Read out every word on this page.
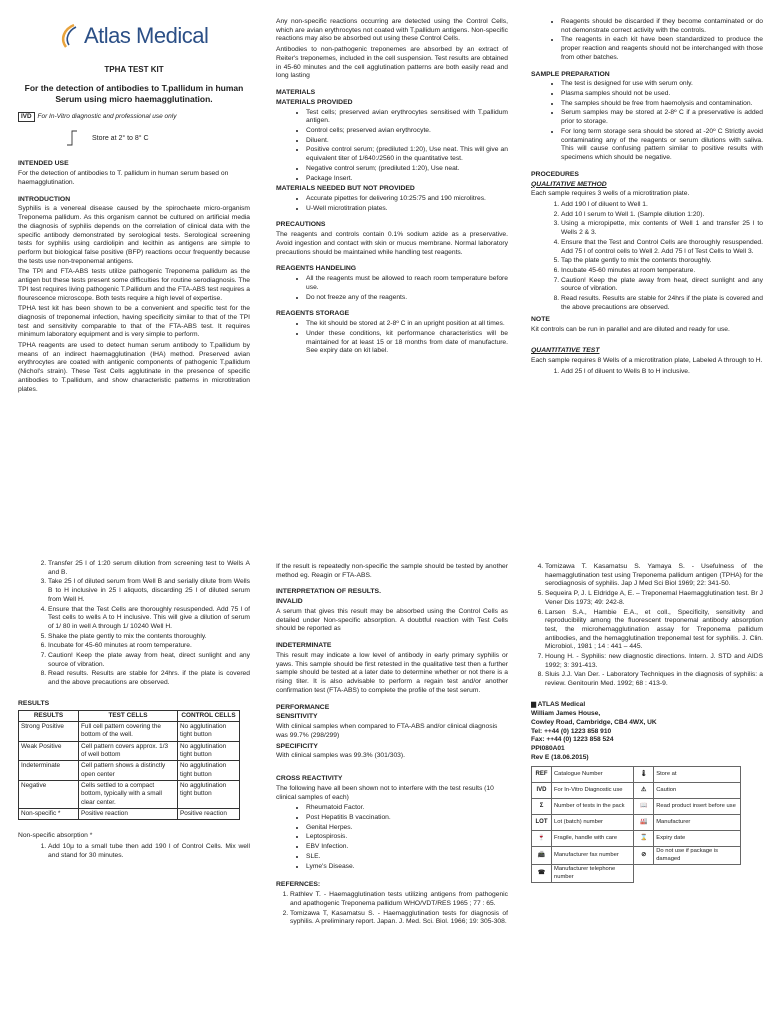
Atlas Medical
TPHA TEST KIT
For the detection of antibodies to T.pallidum in human Serum using micro haemagglutination.
IVD For In-Vitro diagnostic and professional use only
Store at 2° to 8° C
INTENDED USE

For the detection of antibodies to T. pallidum in human serum based on haemagglutination.

INTRODUCTION

Syphilis is a venereal disease caused by the spirochaete micro-organism Treponema pallidum. As this organism cannot be cultured on artificial media the diagnosis of syphilis depends on the correlation of clinical data with the specific antibody demonstrated by serological tests. Serological screening tests for syphilis using cardiolipin and lecithin as antigens are simple to perform but biological false positive (BFP) reactions occur frequently because the tests use non-treponemal antigens.

The TPI and FTA-ABS tests utilize pathogenic Treponema pallidum as the antigen but these tests present some difficulties for routine serodiagnosis. The TPI test requires living pathogenic T.Pallidum and the FTA-ABS test requires a flourescence microscope. Both tests require a high level of expertise.

TPHA test kit has been shown to be a convenient and specific test for the diagnosis of treponemal infection, having specificity similar to that of the TPI test and sensitivity comparable to that of the FTA-ABS test. It requires minimum laboratory equipment and is very simple to perform.

TPHA reagents are used to detect human serum antibody to T.pallidum by means of an indirect haemagglutination (IHA) method. Preserved avian erythrocytes are coated with antigenic components of pathogenic T.pallidum (Nichol's strain). These Test Cells agglutinate in the presence of specific antibodies to T.pallidum, and show characteristic patterns in microtitration plates.

Any non-specific reactions occurring are detected using the Control Cells, which are avian erythrocytes not coated with T.pallidum antigens. Non-specific reactions may also be absorbed out using these Control Cells.

Antibodies to non-pathogenic treponemes are absorbed by an extract of Reiter's treponemes, included in the cell suspension. Test results are obtained in 45-60 minutes and the cell agglutination patterns are both easily read and long lasting

MATERIALS
MATERIALS PROVIDED
• Test cells; preserved avian erythrocytes sensitised with T.pallidum antigen.
• Control cells; preserved avian erythrocyte.
• Diluent.
• Positive control serum; (prediluted 1:20), Use neat. This will give an equivalent titer of 1/640:/2560 in the quantitative test.
• Negative control serum; (prediluted 1:20), Use neat.
• Package Insert.
MATERIALS NEEDED BUT NOT PROVIDED
• Accurate pipettes for delivering 10:25:75 and 190 microlitres.
• U-Well microtitration plates.
PRECAUTIONS

The reagents and controls contain 0.1% sodium azide as a preservative. Avoid ingestion and contact with skin or mucus membrane. Normal laboratory precautions should be maintained while handling test reagents.

REAGENTS HANDELING
• All the reagents must be allowed to reach room temperature before use.
• Do not freeze any of the reagents.
REAGENTS STORAGE
• The kit should be stored at 2-8º C in an upright position at all times.
• Under these conditions, kit performance characteristics will be maintained for at least 15 or 18 months from date of manufacture. See expiry date on kit label.
• Reagents should be discarded if they become contaminated or do not demonstrate correct activity with the controls.
• The reagents in each kit have been standardized to produce the proper reaction and reagents should not be interchanged with those from other batches.
SAMPLE PREPARATION
• The test is designed for use with serum only.
• Plasma samples should not be used.
• The samples should be free from haemolysis and contamination.
• Serum samples may be stored at 2-8º C if a preservative is added prior to storage.
• For long term storage sera should be stored at -20º C Strictly avoid contaminating any of the reagents or serum dilutions with saliva. This will cause confusing pattern similar to positive results with specimens which should be negative.
PROCEDURES
QUALITATIVE METHOD

Each sample requires 3 wells of a microtitration plate.

1. Add 190 l of diluent to Well 1.
2. Add 10 l serum to Well 1. (Sample dilution 1:20).
3. Using a micropipette, mix contents of Well 1 and transfer 25 l to Wells 2 & 3.
4. Ensure that the Test and Control Cells are thoroughly resuspended. Add 75 l of control cells to Well 2. Add 75 l of Test Cells to Well 3.
5. Tap the plate gently to mix the contents thoroughly.
6. Incubate 45-60 minutes at room temperature.
7. Caution! Keep the plate away from heat, direct sunlight and any source of vibration.
8. Read results. Results are stable for 24hrs if the plate is covered and the above precautions are observed.
NOTE

Kit controls can be run in parallel and are diluted and ready for use.

QUANTITATIVE TEST

Each sample requires 8 Wells of a microtitration plate, Labeled A through to H.

1. Add 25 l of diluent to Wells B to H inclusive.
2. Transfer 25 l of 1:20 serum dilution from screening test to Wells A and B.
3. Take 25 l of diluted serum from Well B and serially dilute from Wells B to H inclusive in 25 l aliquots, discarding 25 l of diluted serum from Well H.
4. Ensure that the Test Cells are thoroughly resuspended. Add 75 l of Test cells to wells A to H inclusive. This will give a dilution of serum of 1/ 80 in well A through 1/ 10240 Well H.
5. Shake the plate gently to mix the contents thoroughly.
6. Incubate for 45-60 minutes at room temperature.
7. Caution! Keep the plate away from heat, direct sunlight and any source of vibration.
8. Read results. Results are stable for 24hrs. if the plate is covered and the above precautions are observed.
RESULTS
RESULTS	TEST CELLS	CONTROL CELLS
Strong Positive	Full cell pattern covering the bottom of the well.	No agglutination tight button
Weak Positive	Cell pattern covers approx. 1/3 of well bottom	No agglutination tight button
Indeterminate	Cell pattern shows a distinctly open center	No agglutination tight button
Negative	Cells settled to a compact bottom, typically with a small clear center.	No agglutination tight button
Non-specific *	Positive reaction	Positive reaction

Non-specific absorption *

1. Add 10μ to a small tube then add 190 l of Control Cells. Mix well and stand for 30 minutes.

If the result is repeatedly non-specific the sample should be tested by another method eg. Reagin or FTA-ABS.

INTERPRETATION OF RESULTS.
INVALID

A serum that gives this result may be absorbed using the Control Cells as detailed under Non-specific absorption. A doubtful reaction with Test Cells should be reported as

INDETERMINATE

This result may indicate a low level of antibody in early primary syphilis or yaws. This sample should be first retested in the qualitative test then a further sample should be tested at a later date to determine whether or not there is a rising titer. It is also advisable to perform a regain test and/or another confirmation test (FTA-ABS) to complete the profile of the test serum.

PERFORMANCE
SENSITIVITY

With clinical samples when compared to FTA-ABS and/or clinical diagnosis was 99.7% (298/299)

SPECIFICITY

With clinical samples was 99.3% (301/303).

CROSS REACTIVITY

The following have all been shown not to interfere with the test results (10 clinical samples of each)

• Rheumatoid Factor.
• Post Hepatitis B vaccination.
• Genital Herpes.
• Leptospirosis.
• EBV Infection.
• SLE.
• Lyme's Disease.
REFERNCES:
1. Rathlev T. - Haemagglutination tests utilizing antigens from pathogenic and apathogenic Treponema pallidum WHO/VDT/RES 1965 ; 77 : 65.
2. Tomizawa T, Kasamatsu S. - Haemagglutination tests for diagnosis of syphilis. A preliminary report. Japan. J. Med. Sci. Biol. 1966; 19: 305-308.
4. Tomizawa T. Kasamatsu S. Yamaya S. - Usefulness of the haemagglutination test using Treponema pallidum antigen (TPHA) for the serodiagnosis of syphilis. Jap J Med Sci Biol 1969; 22: 341-50.
5. Sequeira P, J. L Eldridge A, E. – Treponemal Haemagglutination test. Br J Vener Dis 1973; 49: 242-8.
6. Larsen S.A., Hambie E.A., et coll., Specificity, sensitivity and reproducibility among the fluorescent treponemal antibody absorption test, the microhemagglutination assay for Treponema pallidum antibodies, and the hemagglutination treponemal test for syphilis. J. Clin. Microbiol., 1981 ; 14 : 441 – 445.
7. Houng H. - Syphilis: new diagnostic directions. Intern. J. STD and AIDS 1992; 3: 391-413.
8. Sluis J.J. Van Der. - Laboratory Techniques in the diagnosis of syphilis: a review. Genitourin Med. 1992; 68 : 413-9.
▆ ATLAS Medical
William James House,
Cowley Road, Cambridge, CB4 4WX, UK
Tel: ++44 (0) 1223 858 910
Fax: ++44 (0) 1223 858 524
PPI080A01
Rev E (18.06.2015)
REF	Catalogue Number	🌡	Store at
IVD	For In-Vitro Diagnostic use	⚠	Caution
Σ	Number of tests in the pack	📖	Read product insert before use
LOT	Lot (batch) number	🏭	Manufacturer
🍷	Fragile, handle with care	⌛	Expiry date
📠	Manufacturer fax number	⊘	Do not use if package is damaged
☎	Manufacturer telephone number		
